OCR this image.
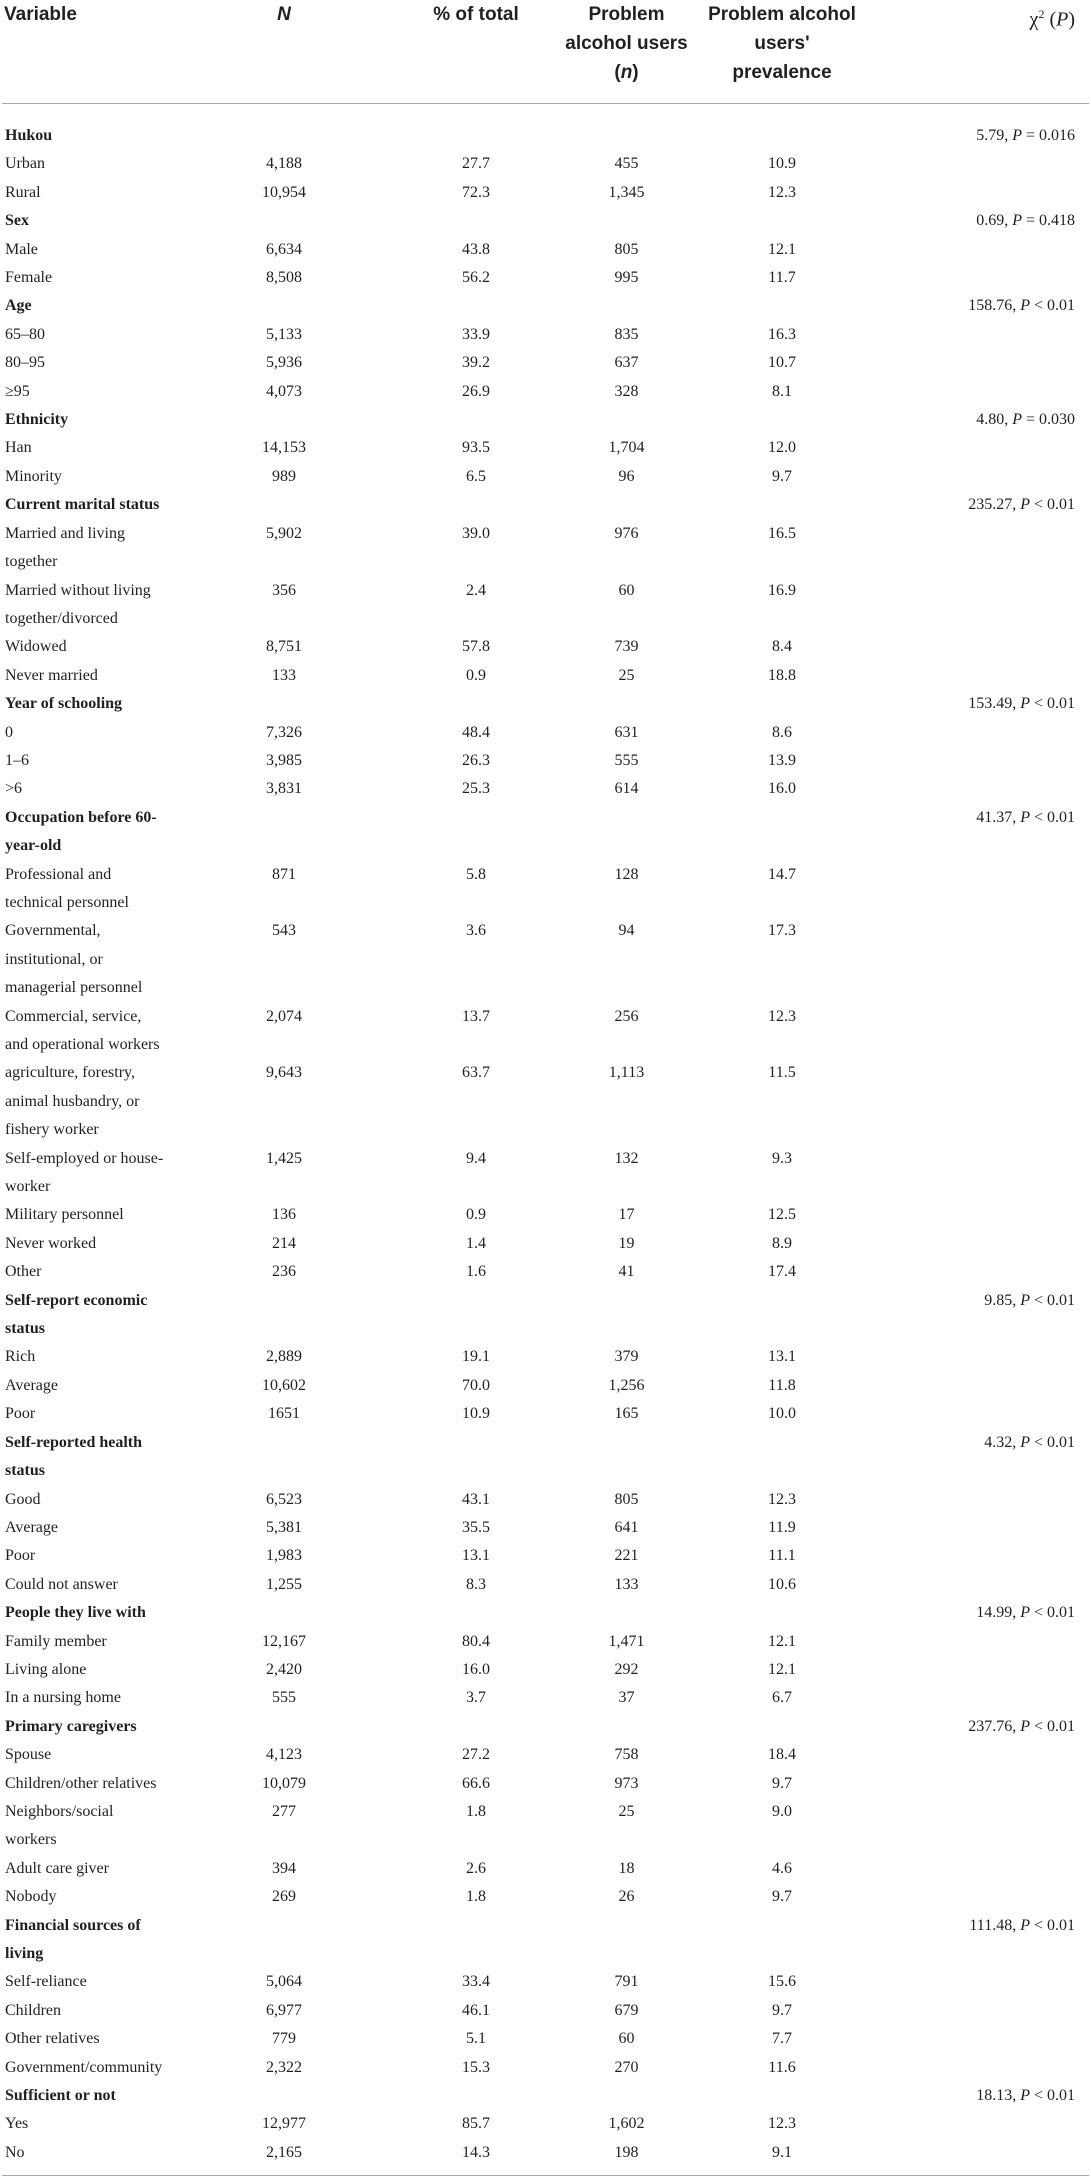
Variable	N	% of total	Problem alcohol users (n)	Problem alcohol users' prevalence	$\chi^2$ (P)

Hukou					5.79, P = 0.016
Urban	4,188	27.7	455	10.9	
Rural	10,954	72.3	1,345	12.3	
Sex					0.69, P = 0.418
Male	6,634	43.8	805	12.1	
Female	8,508	56.2	995	11.7	
Age					158.76, P < 0.01
65–80	5,133	33.9	835	16.3	
80–95	5,936	39.2	637	10.7	
≥95	4,073	26.9	328	8.1	
Ethnicity					4.80, P = 0.030
Han	14,153	93.5	1,704	12.0	
Minority	989	6.5	96	9.7	
Current marital status					235.27, P < 0.01
Married and living together	5,902	39.0	976	16.5	
Married without living together/divorced	356	2.4	60	16.9	
Widowed	8,751	57.8	739	8.4	
Never married	133	0.9	25	18.8	
Year of schooling					153.49, P < 0.01
0	7,326	48.4	631	8.6	
1–6	3,985	26.3	555	13.9	
>6	3,831	25.3	614	16.0	
Occupation before 60-year-old					41.37, P < 0.01
Professional and technical personnel	871	5.8	128	14.7	
Governmental, institutional, or managerial personnel	543	3.6	94	17.3	
Commercial, service, and operational workers	2,074	13.7	256	12.3	
agriculture, forestry, animal husbandry, or fishery worker	9,643	63.7	1,113	11.5	
Self-employed or house-worker	1,425	9.4	132	9.3	
Military personnel	136	0.9	17	12.5	
Never worked	214	1.4	19	8.9	
Other	236	1.6	41	17.4	
Self-report economic status					9.85, P < 0.01
Rich	2,889	19.1	379	13.1	
Average	10,602	70.0	1,256	11.8	
Poor	1651	10.9	165	10.0	
Self-reported health status					4.32, P < 0.01
Good	6,523	43.1	805	12.3	
Average	5,381	35.5	641	11.9	
Poor	1,983	13.1	221	11.1	
Could not answer	1,255	8.3	133	10.6	
People they live with					14.99, P < 0.01
Family member	12,167	80.4	1,471	12.1	
Living alone	2,420	16.0	292	12.1	
In a nursing home	555	3.7	37	6.7	
Primary caregivers					237.76, P < 0.01
Spouse	4,123	27.2	758	18.4	
Children/other relatives	10,079	66.6	973	9.7	
Neighbors/social workers	277	1.8	25	9.0	
Adult care giver	394	2.6	18	4.6	
Nobody	269	1.8	26	9.7	
Financial sources of living					111.48, P < 0.01
Self-reliance	5,064	33.4	791	15.6	
Children	6,977	46.1	679	9.7	
Other relatives	779	5.1	60	7.7	
Government/community	2,322	15.3	270	11.6	
Sufficient or not					18.13, P < 0.01
Yes	12,977	85.7	1,602	12.3	
No	2,165	14.3	198	9.1	
